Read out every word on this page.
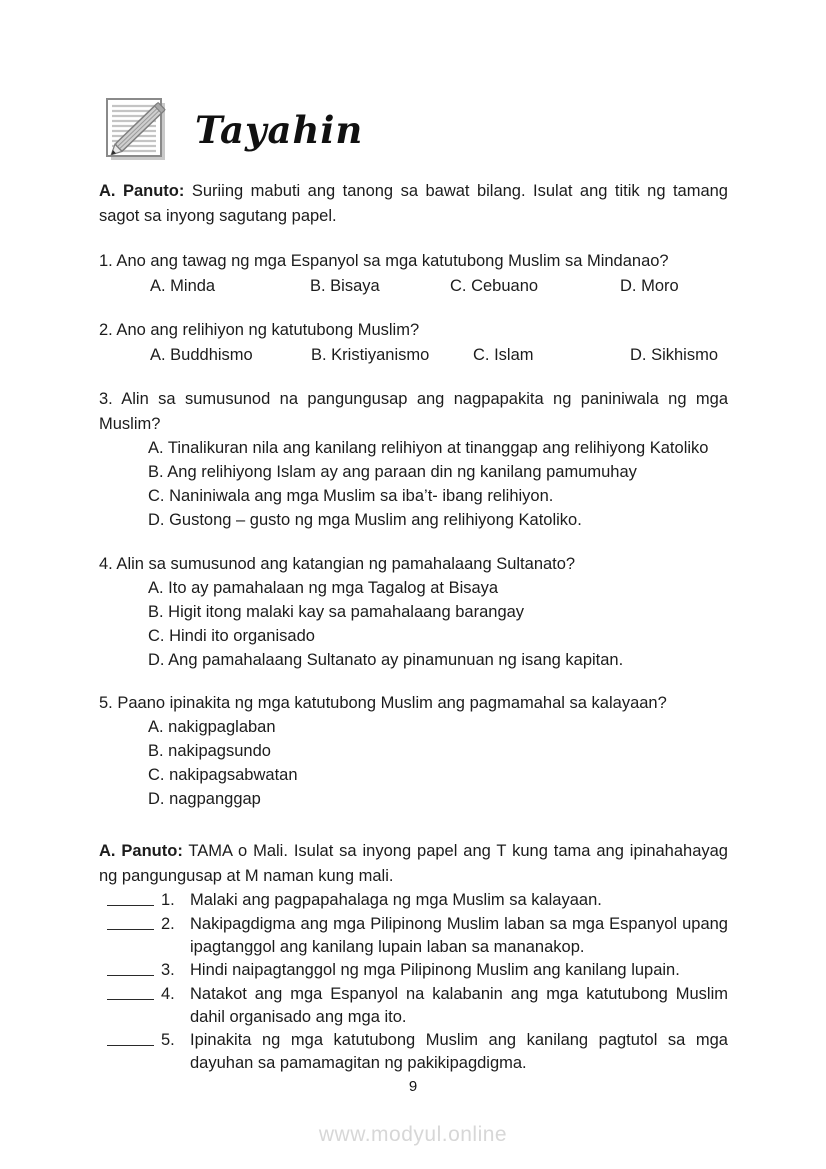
Tayahin

A. Panuto: Suriing mabuti ang tanong sa bawat bilang. Isulat ang titik ng tamang sagot sa inyong sagutang papel.

1. Ano ang tawag ng mga Espanyol sa mga katutubong Muslim sa Mindanao?
A. Minda	B. Bisaya	C. Cebuano	D. Moro
2. Ano ang relihiyon ng katutubong Muslim?
A. Buddhismo	B. Kristiyanismo	C. Islam	D. Sikhismo
3. Alin sa sumusunod na pangungusap ang nagpapakita ng paniniwala ng mga Muslim?
A. Tinalikuran nila ang kanilang relihiyon at tinanggap ang relihiyong Katoliko
B. Ang relihiyong Islam ay ang paraan din ng kanilang pamumuhay
C. Naniniwala ang mga Muslim sa iba’t- ibang relihiyon.
D. Gustong – gusto ng mga Muslim ang relihiyong Katoliko.
4. Alin sa sumusunod ang katangian ng pamahalaang Sultanato?
A. Ito ay pamahalaan ng mga Tagalog at Bisaya
B. Higit itong malaki kay sa pamahalaang barangay
C. Hindi ito organisado
D. Ang pamahalaang Sultanato ay pinamunuan ng isang kapitan.
5. Paano ipinakita ng mga katutubong Muslim ang pagmamahal sa kalayaan?
A. nakigpaglaban
B. nakipagsundo
C. nakipagsabwatan
D. nagpanggap

A. Panuto: TAMA o Mali. Isulat sa inyong papel ang T kung tama ang ipinahahayag ng pangungusap at M naman kung mali.

1. Malaki ang pagpapahalaga ng mga Muslim sa kalayaan.
2. Nakipagdigma ang mga Pilipinong Muslim laban sa mga Espanyol upang ipagtanggol ang kanilang lupain laban sa mananakop.
3. Hindi naipagtanggol ng mga Pilipinong Muslim ang kanilang lupain.
4. Natakot ang mga Espanyol na kalabanin ang mga katutubong Muslim dahil organisado ang mga ito.
5. Ipinakita ng mga katutubong Muslim ang kanilang pagtutol sa mga dayuhan sa pamamagitan ng pakikipagdigma.
9
www.modyul.online
